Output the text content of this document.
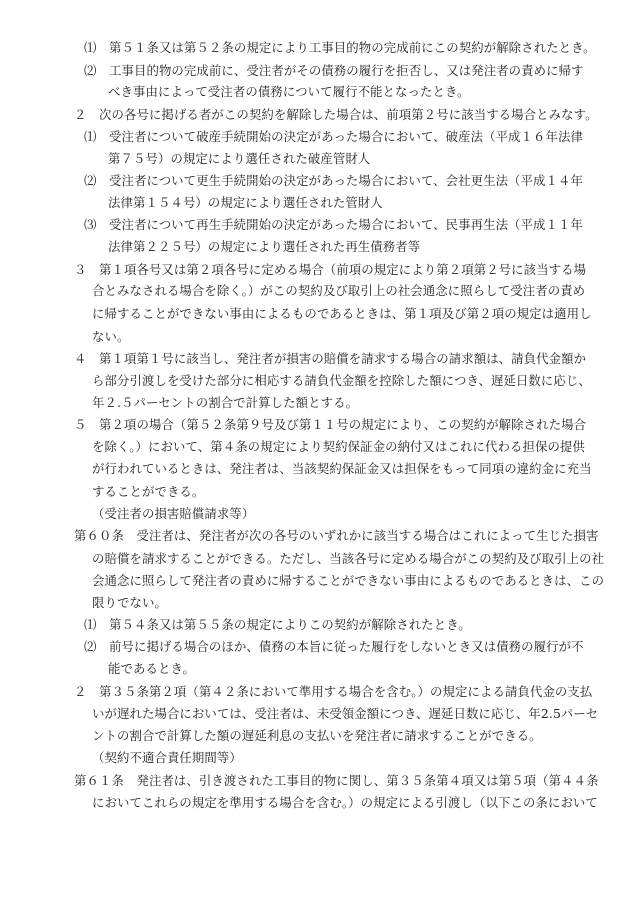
⑴　第５１条又は第５２条の規定により工事目的物の完成前にこの契約が解除されたとき。
⑵　工事目的物の完成前に、受注者がその債務の履行を拒否し、又は発注者の責めに帰す
べき事由によって受注者の債務について履行不能となったとき。
２　次の各号に掲げる者がこの契約を解除した場合は、前項第２号に該当する場合とみなす。
⑴　受注者について破産手続開始の決定があった場合において、破産法（平成１６年法律
第７５号）の規定により選任された破産管財人
⑵　受注者について更生手続開始の決定があった場合において、会社更生法（平成１４年
法律第１５４号）の規定により選任された管財人
⑶　受注者について再生手続開始の決定があった場合において、民事再生法（平成１１年
法律第２２５号）の規定により選任された再生債務者等
３　第１項各号又は第２項各号に定める場合（前項の規定により第２項第２号に該当する場
合とみなされる場合を除く。）がこの契約及び取引上の社会通念に照らして受注者の責め
に帰することができない事由によるものであるときは、第１項及び第２項の規定は適用し
ない。
４　第１項第１号に該当し、発注者が損害の賠償を請求する場合の請求額は、請負代金額か
ら部分引渡しを受けた部分に相応する請負代金額を控除した額につき、遅延日数に応じ、
年２.５パーセントの割合で計算した額とする。
５　第２項の場合（第５２条第９号及び第１１号の規定により、この契約が解除された場合
を除く。）において、第４条の規定により契約保証金の納付又はこれに代わる担保の提供
が行われているときは、発注者は、当該契約保証金又は担保をもって同項の違約金に充当
することができる。
（受注者の損害賠償請求等）
第６０条　受注者は、発注者が次の各号のいずれかに該当する場合はこれによって生じた損害
の賠償を請求することができる。ただし、当該各号に定める場合がこの契約及び取引上の社
会通念に照らして発注者の責めに帰することができない事由によるものであるときは、この
限りでない。
⑴　第５４条又は第５５条の規定によりこの契約が解除されたとき。
⑵　前号に掲げる場合のほか、債務の本旨に従った履行をしないとき又は債務の履行が不
能であるとき。
２　第３５条第２項（第４２条において準用する場合を含む。）の規定による請負代金の支払
いが遅れた場合においては、受注者は、未受領金額につき、遅延日数に応じ、年2.5パーセ
ントの割合で計算した額の遅延利息の支払いを発注者に請求することができる。
（契約不適合責任期間等）
第６１条　発注者は、引き渡された工事目的物に関し、第３５条第４項又は第５項（第４４条
においてこれらの規定を準用する場合を含む。）の規定による引渡し（以下この条において
